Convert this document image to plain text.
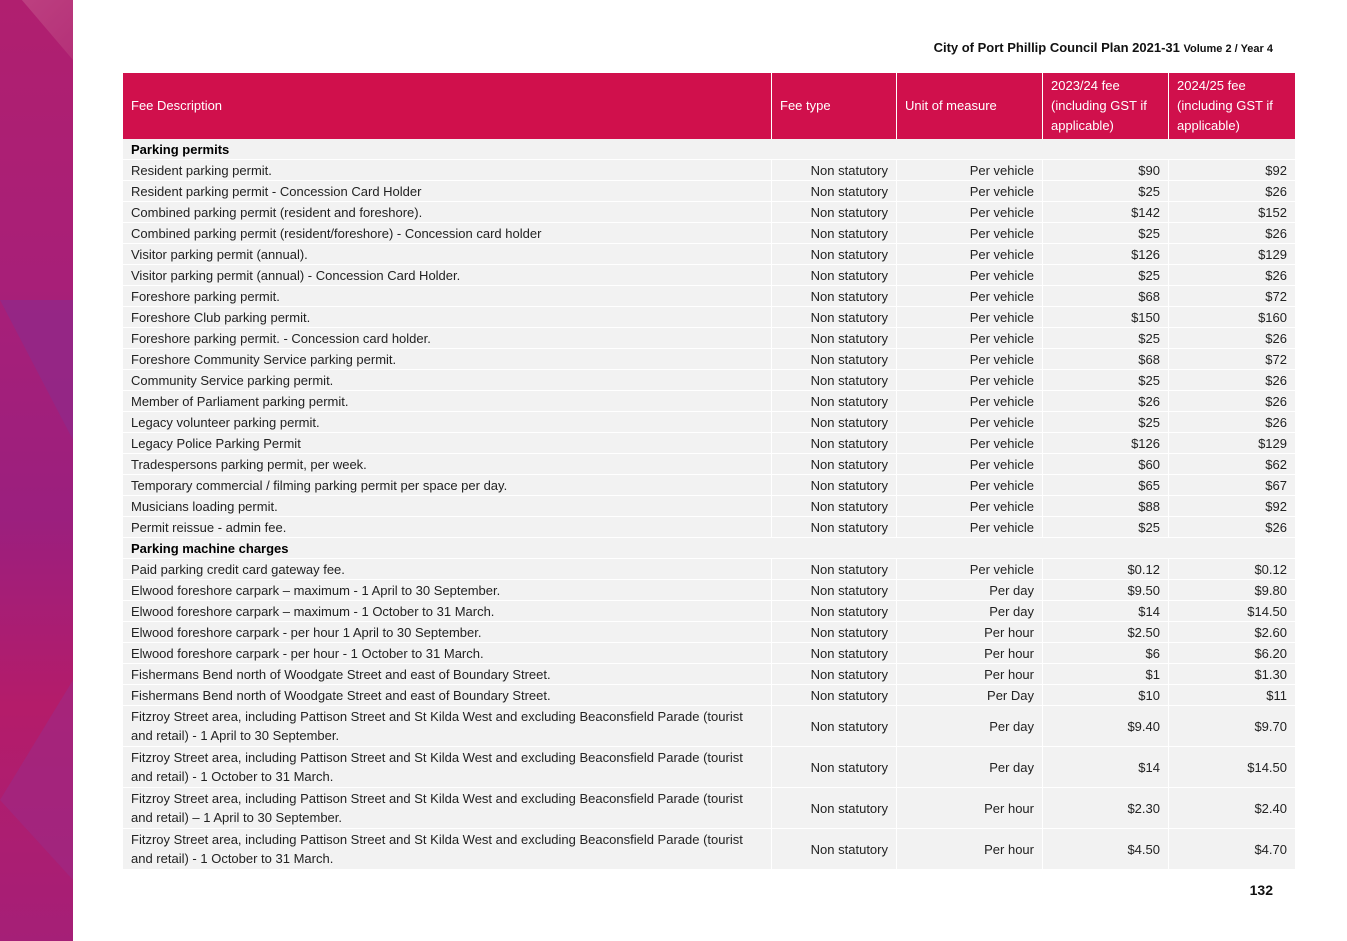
City of Port Phillip Council Plan 2021-31 Volume 2 / Year 4
Fee Description	Fee type	Unit of measure	2023/24 fee (including GST if applicable)	2024/25 fee (including GST if applicable)
Parking permits				
Resident parking permit.	Non statutory	Per vehicle	$90	$92
Resident parking permit - Concession Card Holder	Non statutory	Per vehicle	$25	$26
Combined parking permit (resident and foreshore).	Non statutory	Per vehicle	$142	$152
Combined parking permit (resident/foreshore) - Concession card holder	Non statutory	Per vehicle	$25	$26
Visitor parking permit (annual).	Non statutory	Per vehicle	$126	$129
Visitor parking permit (annual) - Concession Card Holder.	Non statutory	Per vehicle	$25	$26
Foreshore parking permit.	Non statutory	Per vehicle	$68	$72
Foreshore Club parking permit.	Non statutory	Per vehicle	$150	$160
Foreshore parking permit. - Concession card holder.	Non statutory	Per vehicle	$25	$26
Foreshore Community Service parking permit.	Non statutory	Per vehicle	$68	$72
Community Service parking permit.	Non statutory	Per vehicle	$25	$26
Member of Parliament parking permit.	Non statutory	Per vehicle	$26	$26
Legacy volunteer parking permit.	Non statutory	Per vehicle	$25	$26
Legacy Police Parking Permit	Non statutory	Per vehicle	$126	$129
Tradespersons parking permit, per week.	Non statutory	Per vehicle	$60	$62
Temporary commercial / filming parking permit per space per day.	Non statutory	Per vehicle	$65	$67
Musicians loading permit.	Non statutory	Per vehicle	$88	$92
Permit reissue - admin fee.	Non statutory	Per vehicle	$25	$26
Parking machine charges				
Paid parking credit card gateway fee.	Non statutory	Per vehicle	$0.12	$0.12
Elwood foreshore carpark – maximum - 1 April to 30 September.	Non statutory	Per day	$9.50	$9.80
Elwood foreshore carpark – maximum - 1 October to 31 March.	Non statutory	Per day	$14	$14.50
Elwood foreshore carpark - per hour 1 April to 30 September.	Non statutory	Per hour	$2.50	$2.60
Elwood foreshore carpark - per hour - 1 October to 31 March.	Non statutory	Per hour	$6	$6.20
Fishermans Bend north of Woodgate Street and east of Boundary Street.	Non statutory	Per hour	$1	$1.30
Fishermans Bend north of Woodgate Street and east of Boundary Street.	Non statutory	Per Day	$10	$11
Fitzroy Street area, including Pattison Street and St Kilda West and excluding Beaconsfield Parade (tourist and retail) - 1 April to 30 September.	Non statutory	Per day	$9.40	$9.70
Fitzroy Street area, including Pattison Street and St Kilda West and excluding Beaconsfield Parade (tourist and retail) - 1 October to 31 March.	Non statutory	Per day	$14	$14.50
Fitzroy Street area, including Pattison Street and St Kilda West and excluding Beaconsfield Parade (tourist and retail) – 1 April to 30 September.	Non statutory	Per hour	$2.30	$2.40
Fitzroy Street area, including Pattison Street and St Kilda West and excluding Beaconsfield Parade (tourist and retail) - 1 October to 31 March.	Non statutory	Per hour	$4.50	$4.70
132
